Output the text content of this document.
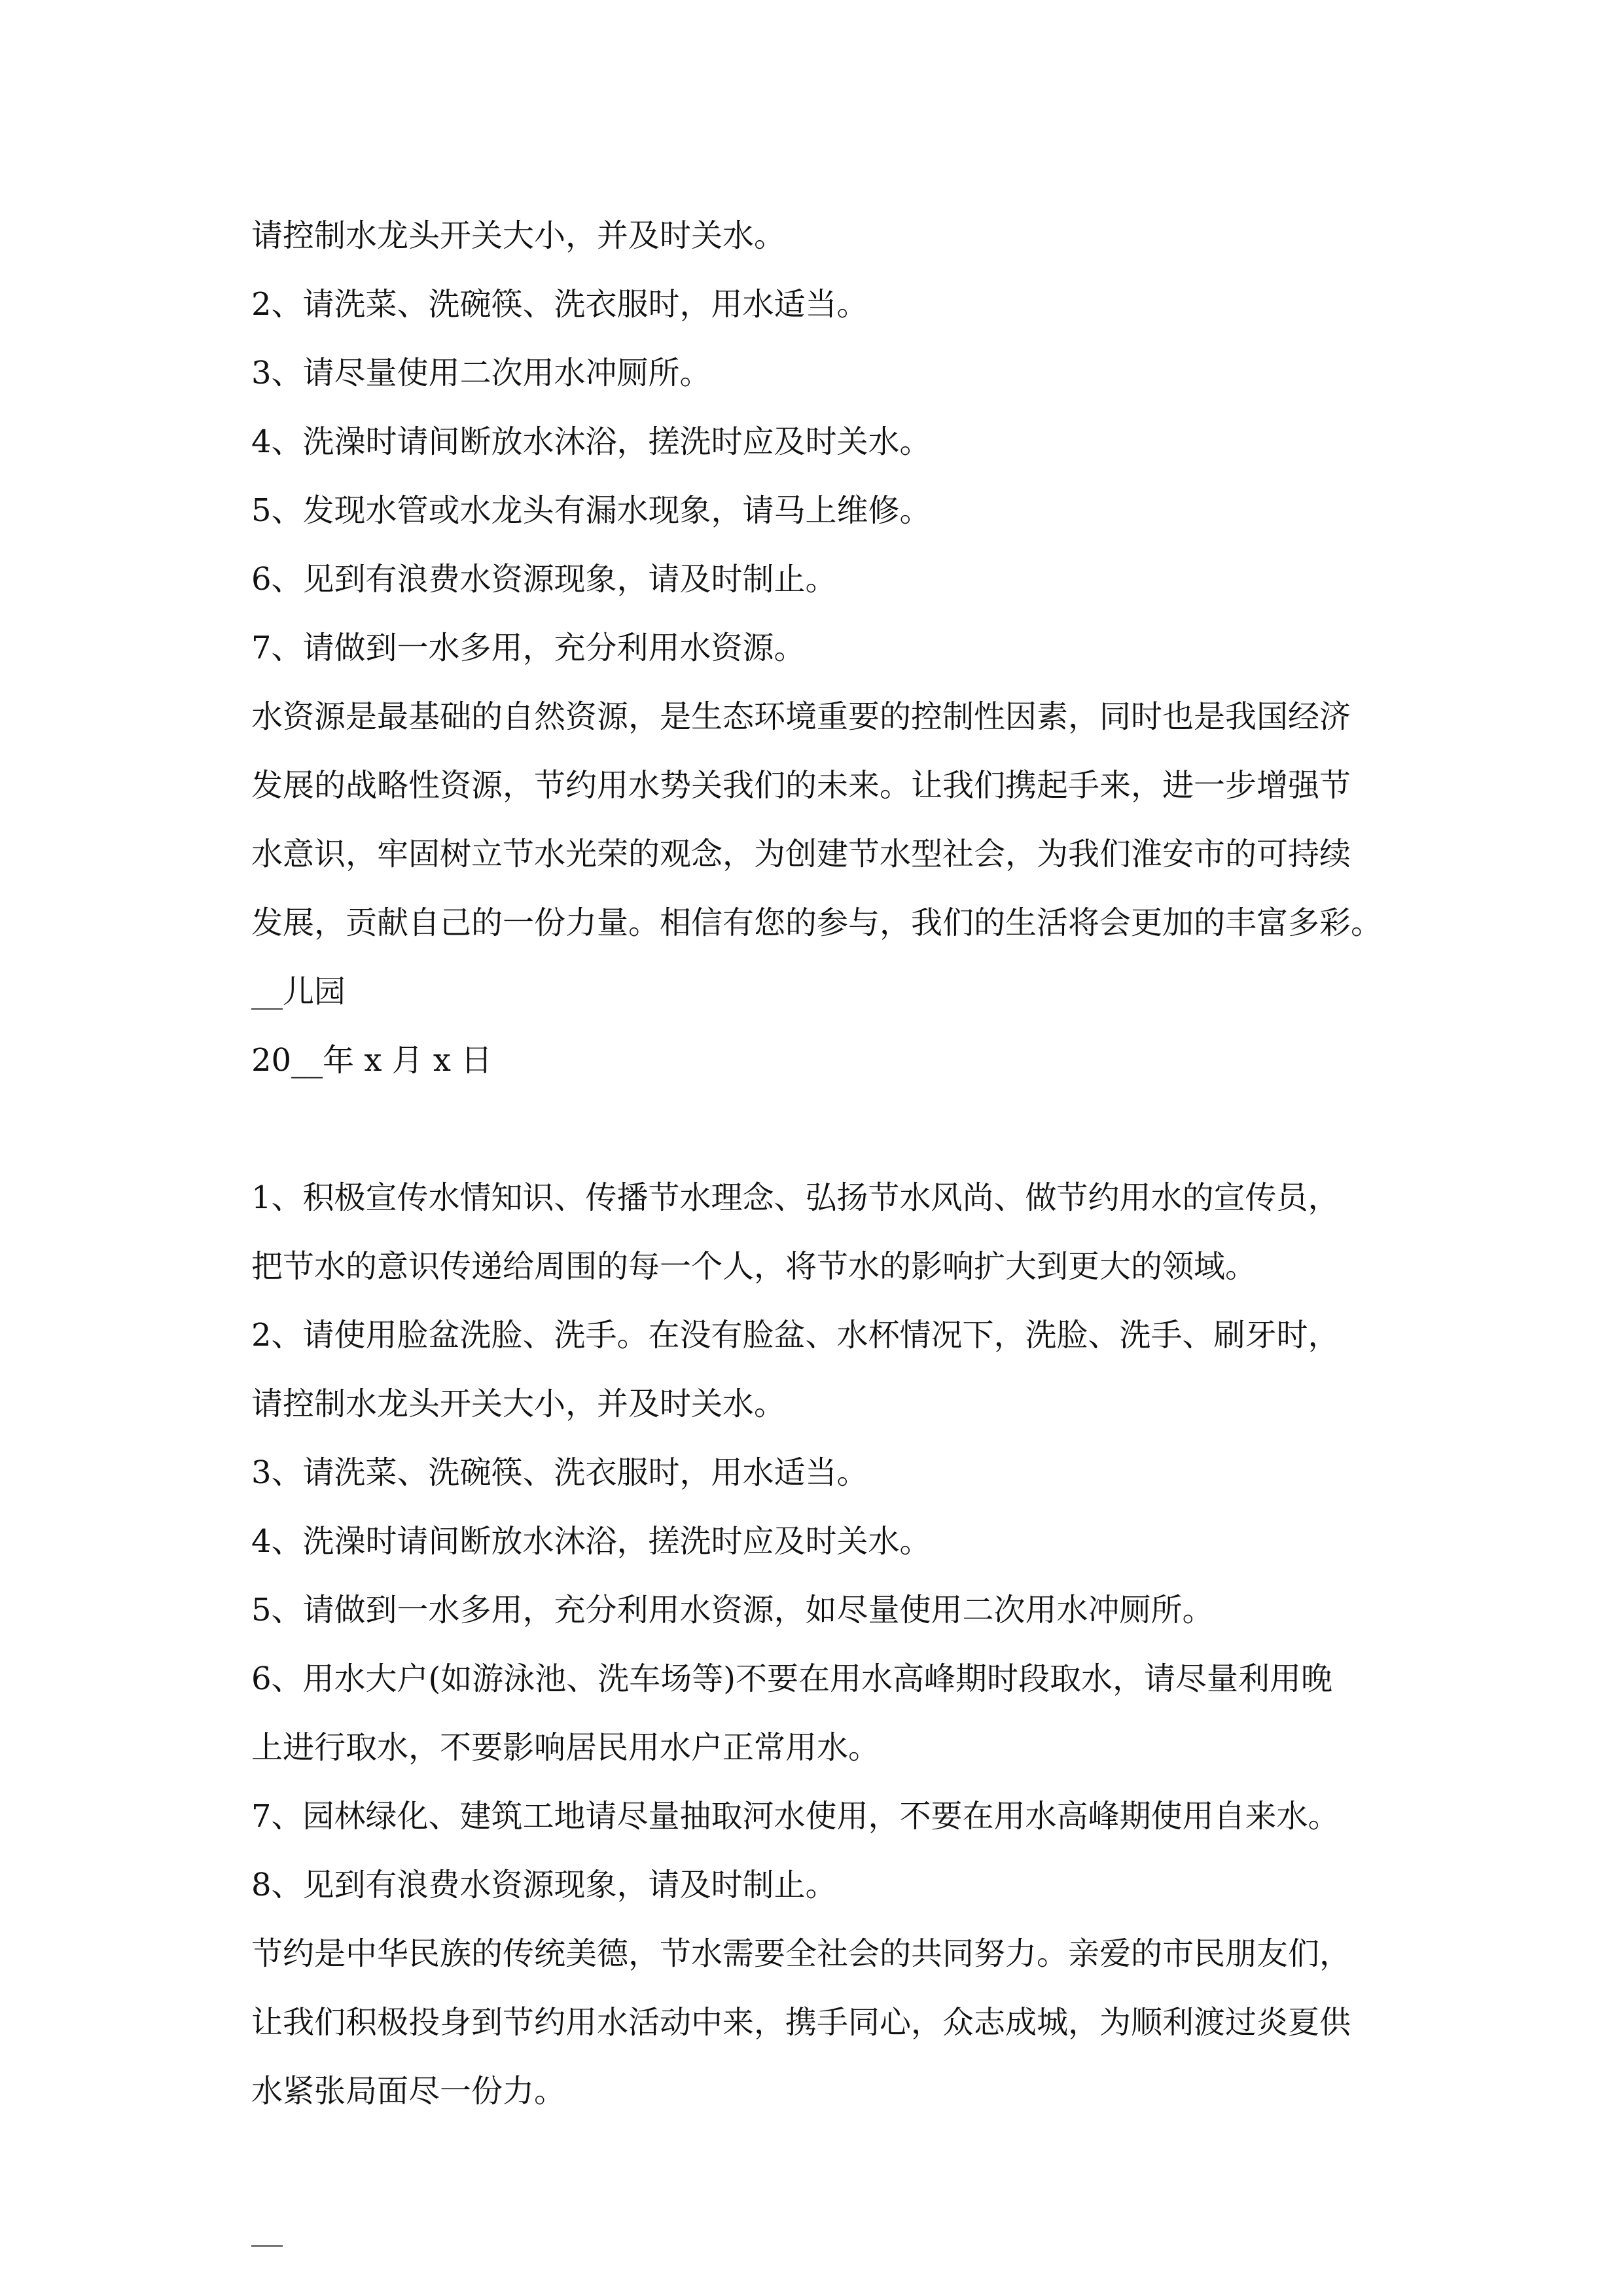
请控制水龙头开关大小，并及时关水。
2、请洗菜、洗碗筷、洗衣服时，用水适当。
3、请尽量使用二次用水冲厕所。
4、洗澡时请间断放水沐浴，搓洗时应及时关水。
5、发现水管或水龙头有漏水现象，请马上维修。
6、见到有浪费水资源现象，请及时制止。
7、请做到一水多用，充分利用水资源。
水资源是最基础的自然资源，是生态环境重要的控制性因素，同时也是我国经济
发展的战略性资源，节约用水势关我们的未来。让我们携起手来，进一步增强节
水意识，牢固树立节水光荣的观念，为创建节水型社会，为我们淮安市的可持续
发展，贡献自己的一份力量。相信有您的参与，我们的生活将会更加的丰富多彩。
__儿园
20__年 x 月 x 日
1、积极宣传水情知识、传播节水理念、弘扬节水风尚、做节约用水的宣传员，
把节水的意识传递给周围的每一个人，将节水的影响扩大到更大的领域。
2、请使用脸盆洗脸、洗手。在没有脸盆、水杯情况下，洗脸、洗手、刷牙时，
请控制水龙头开关大小，并及时关水。
3、请洗菜、洗碗筷、洗衣服时，用水适当。
4、洗澡时请间断放水沐浴，搓洗时应及时关水。
5、请做到一水多用，充分利用水资源，如尽量使用二次用水冲厕所。
6、用水大户(如游泳池、洗车场等)不要在用水高峰期时段取水，请尽量利用晚
上进行取水，不要影响居民用水户正常用水。
7、园林绿化、建筑工地请尽量抽取河水使用，不要在用水高峰期使用自来水。
8、见到有浪费水资源现象，请及时制止。
节约是中华民族的传统美德，节水需要全社会的共同努力。亲爱的市民朋友们，
让我们积极投身到节约用水活动中来，携手同心，众志成城，为顺利渡过炎夏供
水紧张局面尽一份力。
__
